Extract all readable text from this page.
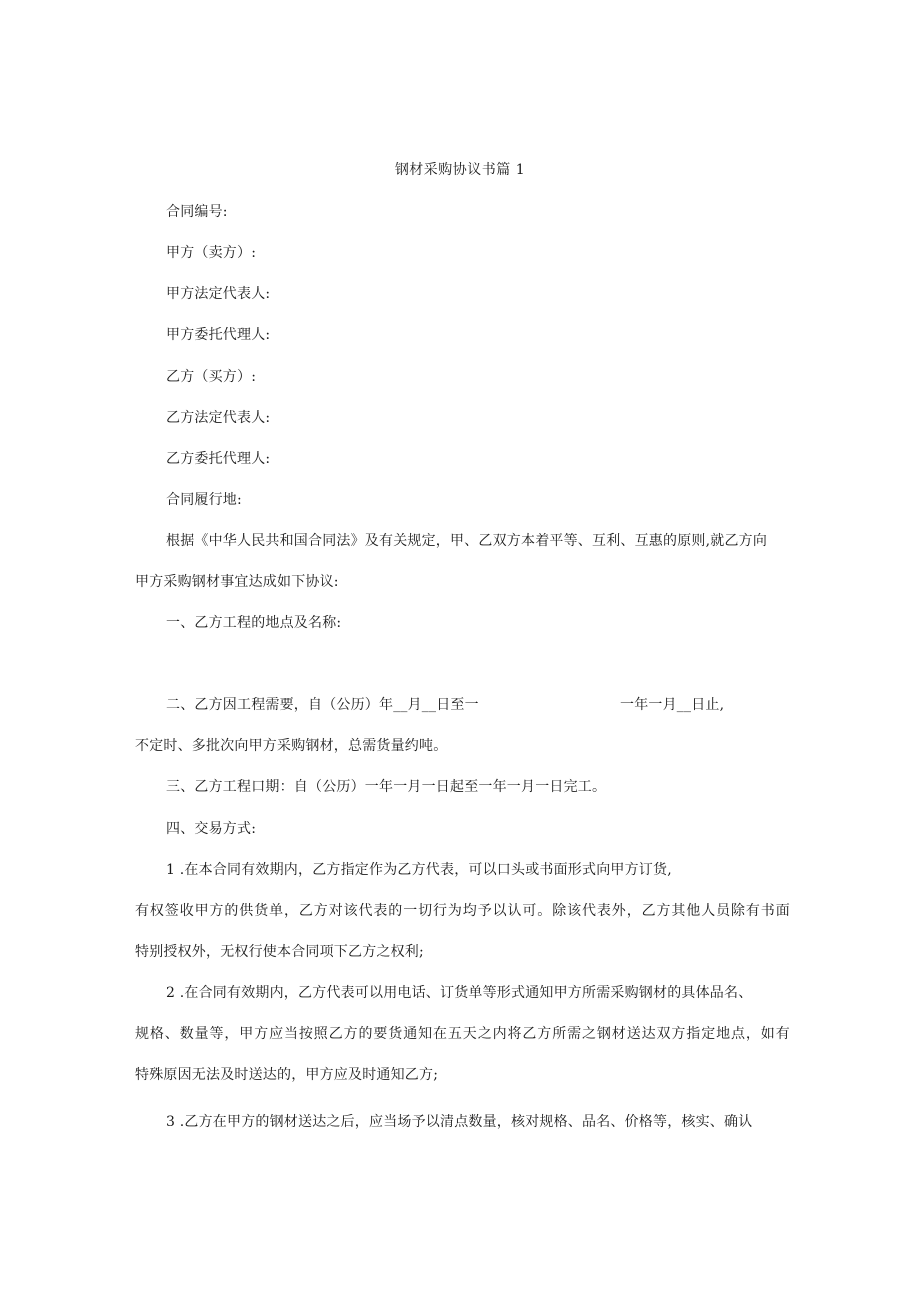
钢材采购协议书篇 1
合同编号:
甲方（卖方）:
甲方法定代表人:
甲方委托代理人:
乙方（买方）:
乙方法定代表人:
乙方委托代理人:
合同履行地:
根据《中华人民共和国合同法》及有关规定，甲、乙双方本着平等、互利、互惠的原则,就乙方向
甲方采购钢材事宜达成如下协议:
一、乙方工程的地点及名称:
二、乙方因工程需要，自（公历）年__月__日至一	一年一月__日止,
不定时、多批次向甲方采购钢材，总需货量约吨。
三、乙方工程口期：自（公历）一年一月一日起至一年一月一日完工。
四、交易方式:
1 .在本合同有效期内，乙方指定作为乙方代表，可以口头或书面形式向甲方订货,
有权签收甲方的供货单，乙方对该代表的一切行为均予以认可。除该代表外，乙方其他人员除有书面
特别授权外，无权行使本合同项下乙方之权利;
2 .在合同有效期内，乙方代表可以用电话、订货单等形式通知甲方所需采购钢材的具体品名、
规格、数量等，甲方应当按照乙方的要货通知在五天之内将乙方所需之钢材送达双方指定地点，如有
特殊原因无法及时送达的，甲方应及时通知乙方;
3 .乙方在甲方的钢材送达之后，应当场予以清点数量，核对规格、品名、价格等，核实、确认
